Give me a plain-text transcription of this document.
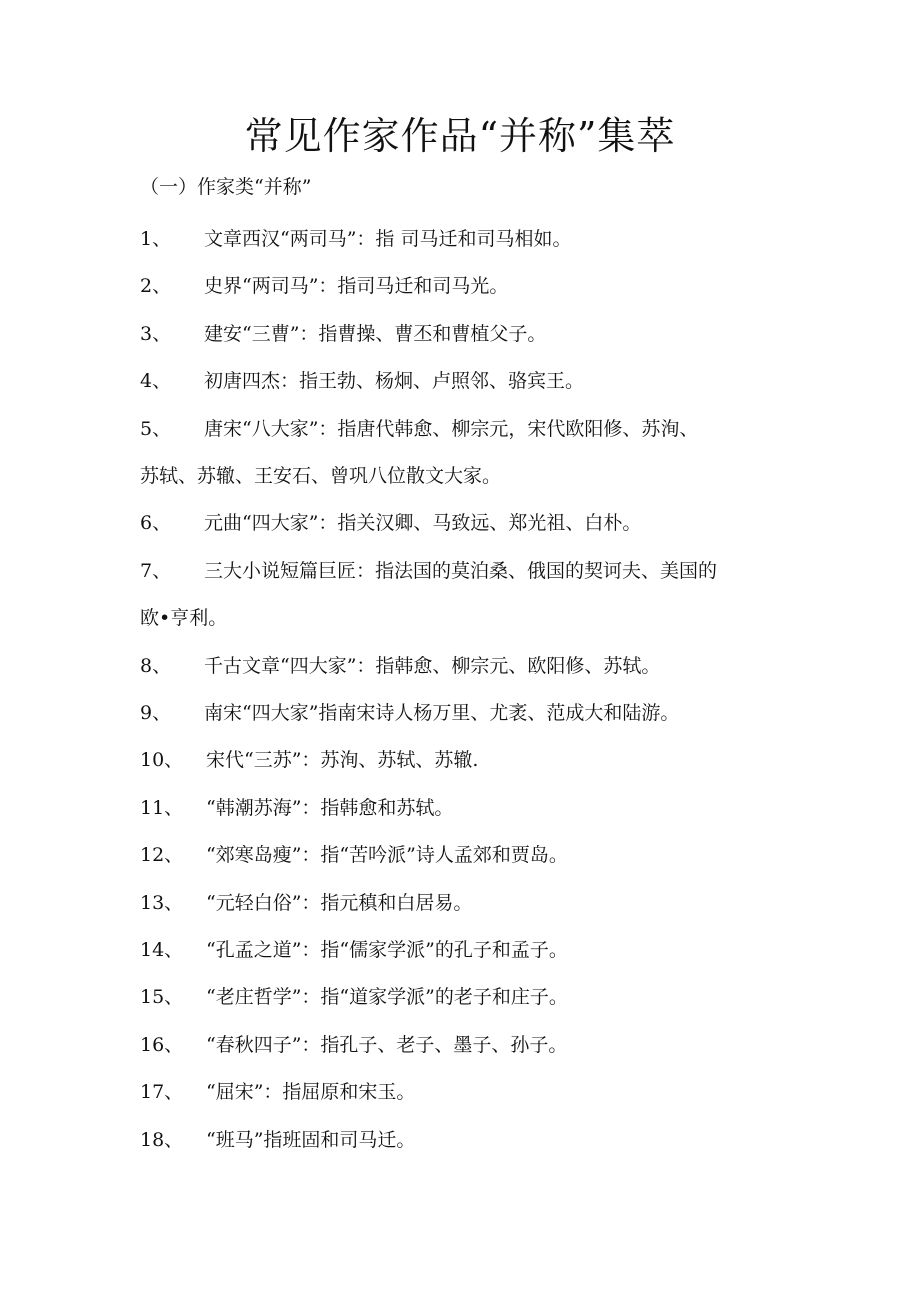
常见作家作品“并称”集萃
（一）作家类“并称”
1、 文章西汉“两司马”：指 司马迁和司马相如。
2、 史界“两司马”：指司马迁和司马光。
3、 建安“三曹”：指曹操、曹丕和曹植父子。
4、 初唐四杰：指王勃、杨炯、卢照邻、骆宾王。
5、 唐宋“八大家”：指唐代韩愈、柳宗元，宋代欧阳修、苏洵、
苏轼、苏辙、王安石、曾巩八位散文大家。
6、 元曲“四大家”：指关汉卿、马致远、郑光祖、白朴。
7、 三大小说短篇巨匠：指法国的莫泊桑、俄国的契诃夫、美国的
欧•亨利。
8、 千古文章“四大家”：指韩愈、柳宗元、欧阳修、苏轼。
9、 南宋“四大家”指南宋诗人杨万里、尤袤、范成大和陆游。
10、 宋代“三苏”：苏洵、苏轼、苏辙.
11、 “韩潮苏海”：指韩愈和苏轼。
12、 “郊寒岛瘦”：指“苦吟派”诗人孟郊和贾岛。
13、 “元轻白俗”：指元稹和白居易。
14、 “孔孟之道”：指“儒家学派”的孔子和孟子。
15、 “老庄哲学”：指“道家学派”的老子和庄子。
16、 “春秋四子”：指孔子、老子、墨子、孙子。
17、 “屈宋”：指屈原和宋玉。
18、 “班马”指班固和司马迁。
